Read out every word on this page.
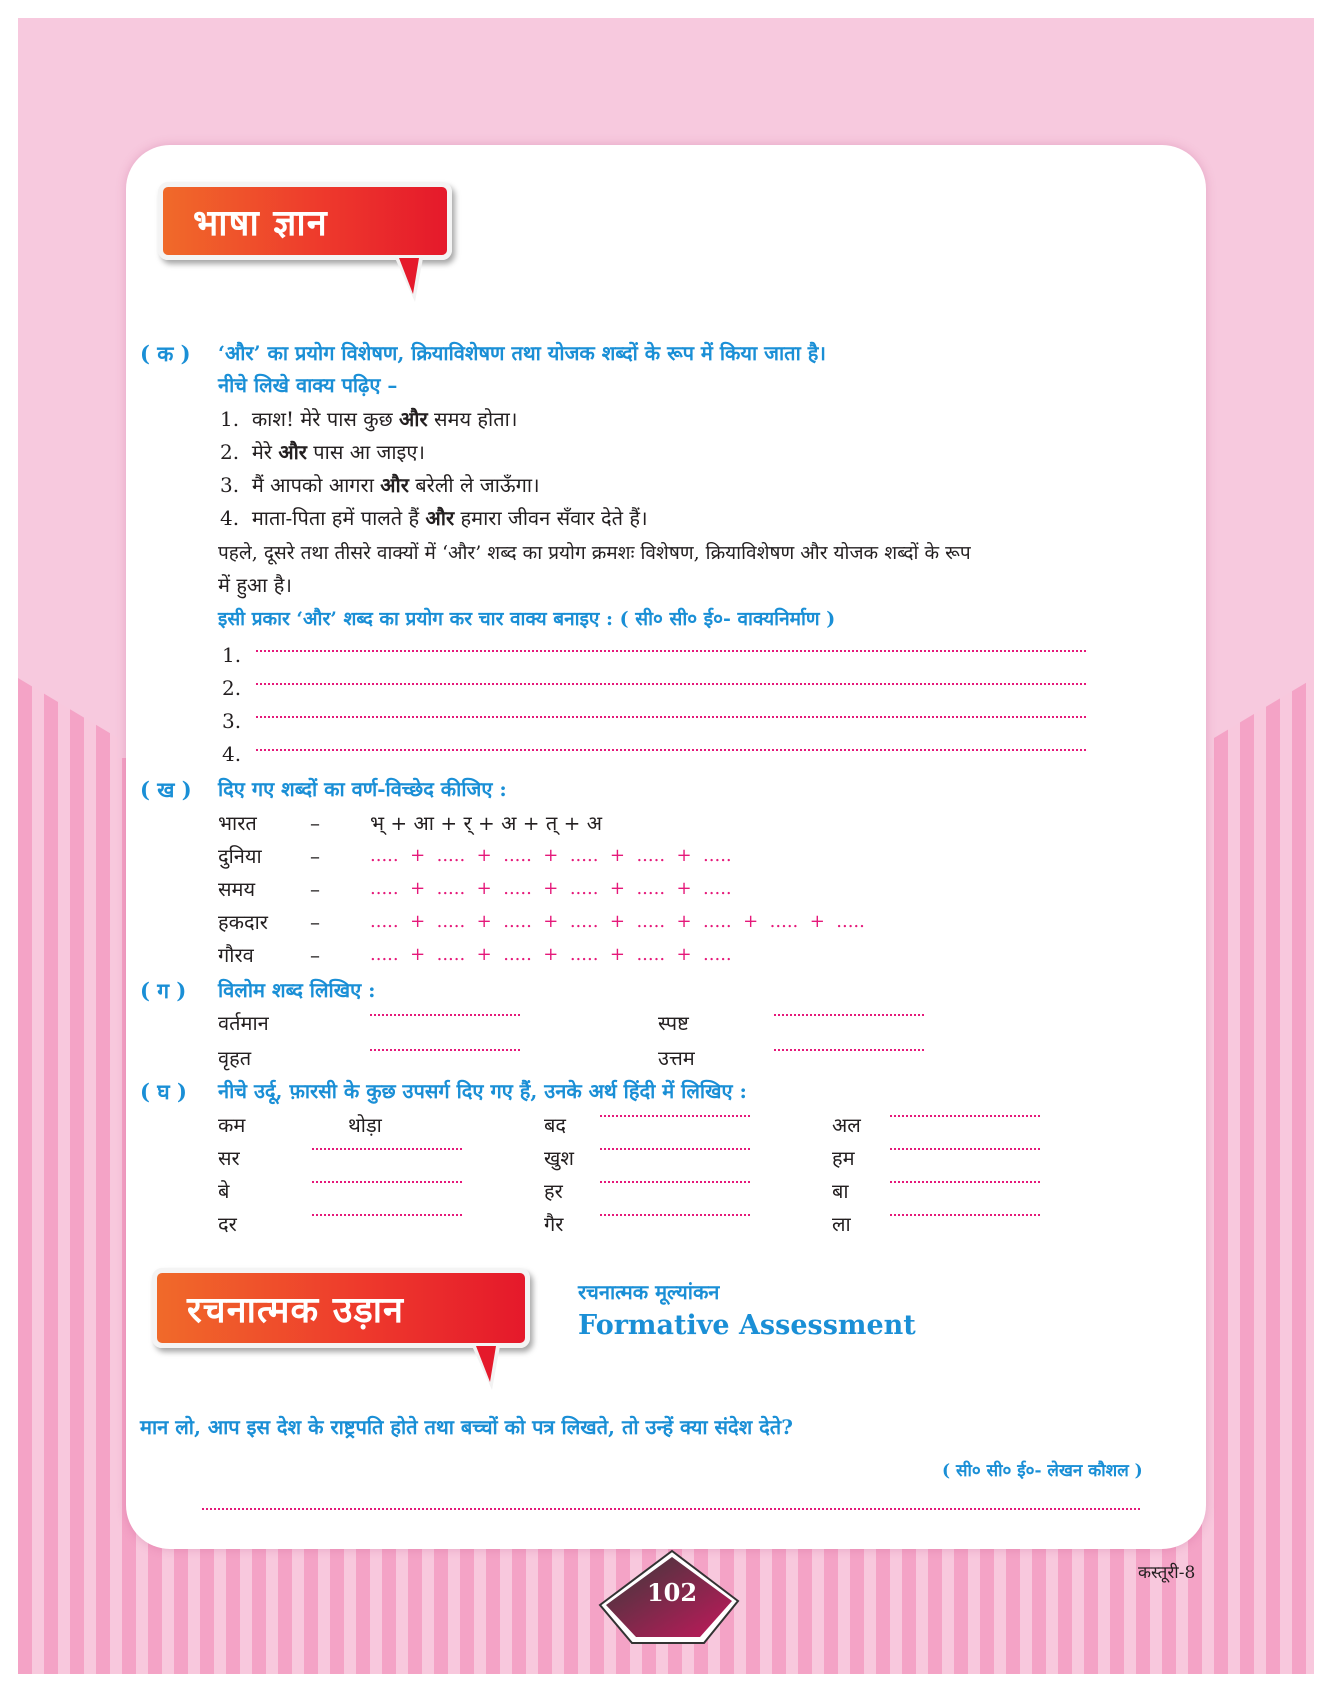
भाषा ज्ञान
( क ) ‘और’ का प्रयोग विशेषण, क्रियाविशेषण तथा योजक शब्दों के रूप में किया जाता है।
नीचे लिखे वाक्य पढ़िए –
1. काश! मेरे पास कुछ और समय होता।
2. मेरे और पास आ जाइए।
3. मैं आपको आगरा और बरेली ले जाऊँगा।
4. माता-पिता हमें पालते हैं और हमारा जीवन सँवार देते हैं।
पहले, दूसरे तथा तीसरे वाक्यों में ‘और’ शब्द का प्रयोग क्रमशः विशेषण, क्रियाविशेषण और योजक शब्दों के रूप
में हुआ है।
इसी प्रकार ‘और’ शब्द का प्रयोग कर चार वाक्य बनाइए : ( सी० सी० ई०- वाक्यनिर्माण )
1.
2.
3.
4.
( ख ) दिए गए शब्दों का वर्ण-विच्छेद कीजिए :
भारत	–	भ् + आ + र् + अ + त् + अ
दुनिया –	..... + ..... + ..... + ..... + ..... + .....
समय	–	..... + ..... + ..... + ..... + ..... + .....
हकदार –	..... + ..... + ..... + ..... + ..... + ..... + ..... + .....
गौरव	–	..... + ..... + ..... + ..... + ..... + .....
( ग ) विलोम शब्द लिखिए :
वर्तमान	स्पष्ट
वृहत	उत्तम
( घ ) नीचे उर्दू, फ़ारसी के कुछ उपसर्ग दिए गए हैं, उनके अर्थ हिंदी में लिखिए :
कम	थोड़ा	बद	अल
सर	खुश	हम
बे	हर	बा
दर	गैर	ला
रचनात्मक उड़ान	रचनात्मक मूल्यांकन
Formative Assessment
मान लो, आप इस देश के राष्ट्रपति होते तथा बच्चों को पत्र लिखते, तो उन्हें क्या संदेश देते?
( सी० सी० ई०- लेखन कौशल )
102
कस्तूरी-8
